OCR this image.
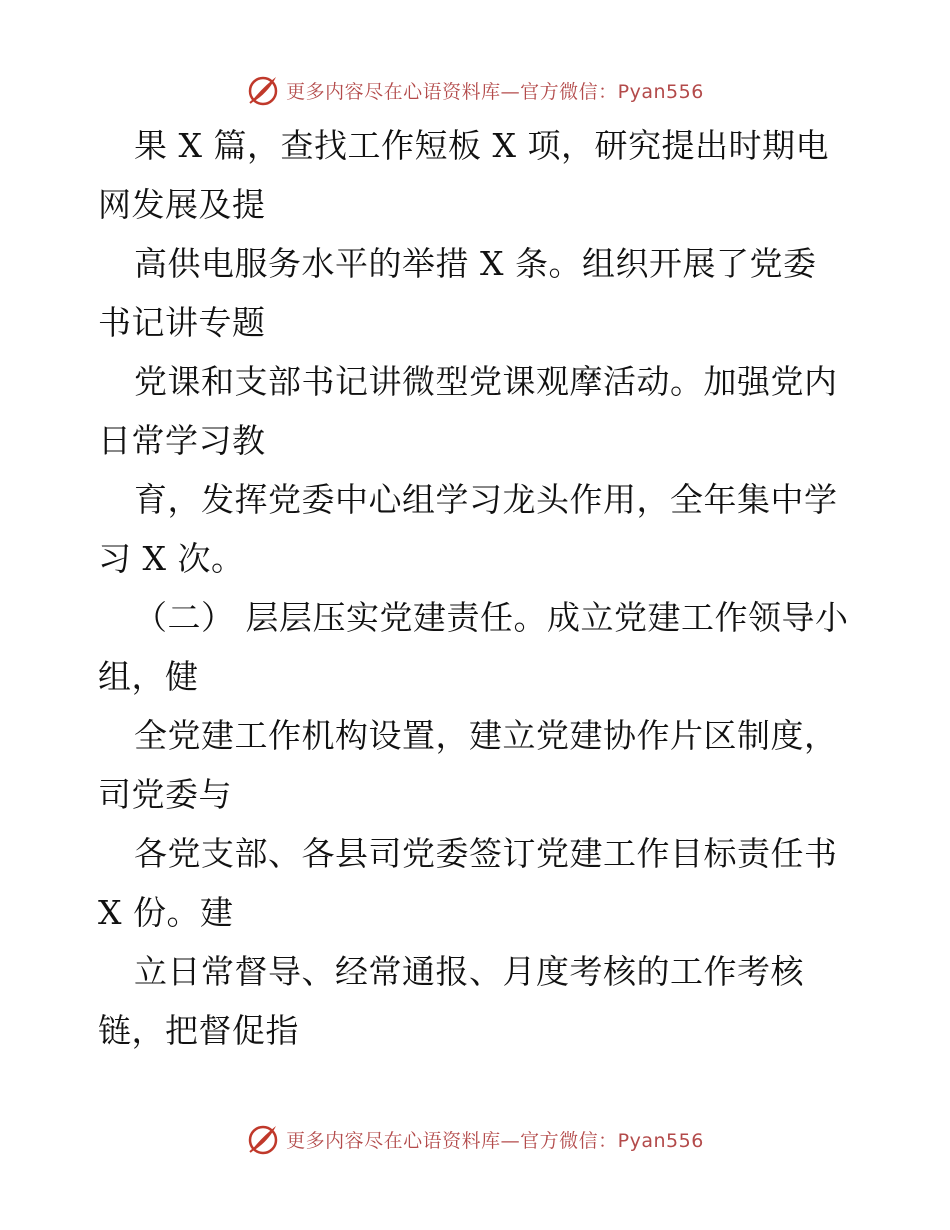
更多内容尽在心语资料库—官方微信：Pyan556
果 X 篇，查找工作短板 X 项，研究提出时期电
网发展及提
高供电服务水平的举措 X 条。组织开展了党委
书记讲专题
党课和支部书记讲微型党课观摩活动。加强党内
日常学习教
育，发挥党委中心组学习龙头作用，全年集中学
习 X 次。
（二） 层层压实党建责任。成立党建工作领导小
组，健
全党建工作机构设置，建立党建协作片区制度，
司党委与
各党支部、各县司党委签订党建工作目标责任书
X 份。建
立日常督导、经常通报、月度考核的工作考核
链，把督促指
更多内容尽在心语资料库—官方微信：Pyan556
